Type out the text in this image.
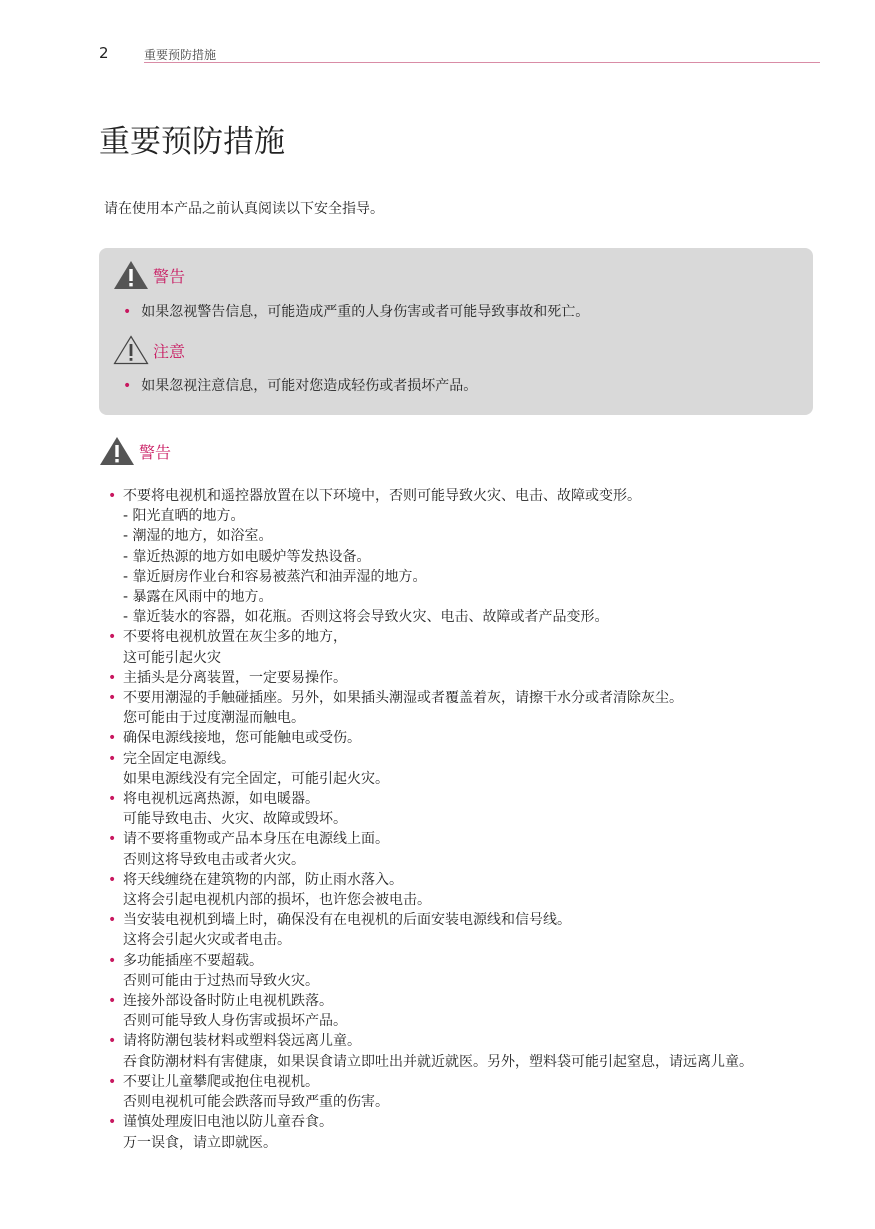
2	重要预防措施
重要预防措施

请在使用本产品之前认真阅读以下安全指导。

警告
• 如果忽视警告信息，可能造成严重的人身伤害或者可能导致事故和死亡。
注意
• 如果忽视注意信息，可能对您造成轻伤或者损坏产品。
警告
• 不要将电视机和遥控器放置在以下环境中，否则可能导致火灾、电击、故障或变形。
- 阳光直晒的地方。
- 潮湿的地方，如浴室。
- 靠近热源的地方如电暖炉等发热设备。
- 靠近厨房作业台和容易被蒸汽和油弄湿的地方。
- 暴露在风雨中的地方。
- 靠近装水的容器，如花瓶。否则这将会导致火灾、电击、故障或者产品变形。
• 不要将电视机放置在灰尘多的地方，
这可能引起火灾
• 主插头是分离装置，一定要易操作。
• 不要用潮湿的手触碰插座。另外，如果插头潮湿或者覆盖着灰，请擦干水分或者清除灰尘。
您可能由于过度潮湿而触电。
• 确保电源线接地，您可能触电或受伤。
• 完全固定电源线。
如果电源线没有完全固定，可能引起火灾。
• 将电视机远离热源，如电暖器。
可能导致电击、火灾、故障或毁坏。
• 请不要将重物或产品本身压在电源线上面。
否则这将导致电击或者火灾。
• 将天线缠绕在建筑物的内部，防止雨水落入。
这将会引起电视机内部的损坏，也许您会被电击。
• 当安装电视机到墙上时，确保没有在电视机的后面安装电源线和信号线。
这将会引起火灾或者电击。
• 多功能插座不要超载。
否则可能由于过热而导致火灾。
• 连接外部设备时防止电视机跌落。
否则可能导致人身伤害或损坏产品。
• 请将防潮包装材料或塑料袋远离儿童。
吞食防潮材料有害健康，如果误食请立即吐出并就近就医。另外，塑料袋可能引起窒息，请远离儿童。
• 不要让儿童攀爬或抱住电视机。
否则电视机可能会跌落而导致严重的伤害。
• 谨慎处理废旧电池以防儿童吞食。
万一误食，请立即就医。
